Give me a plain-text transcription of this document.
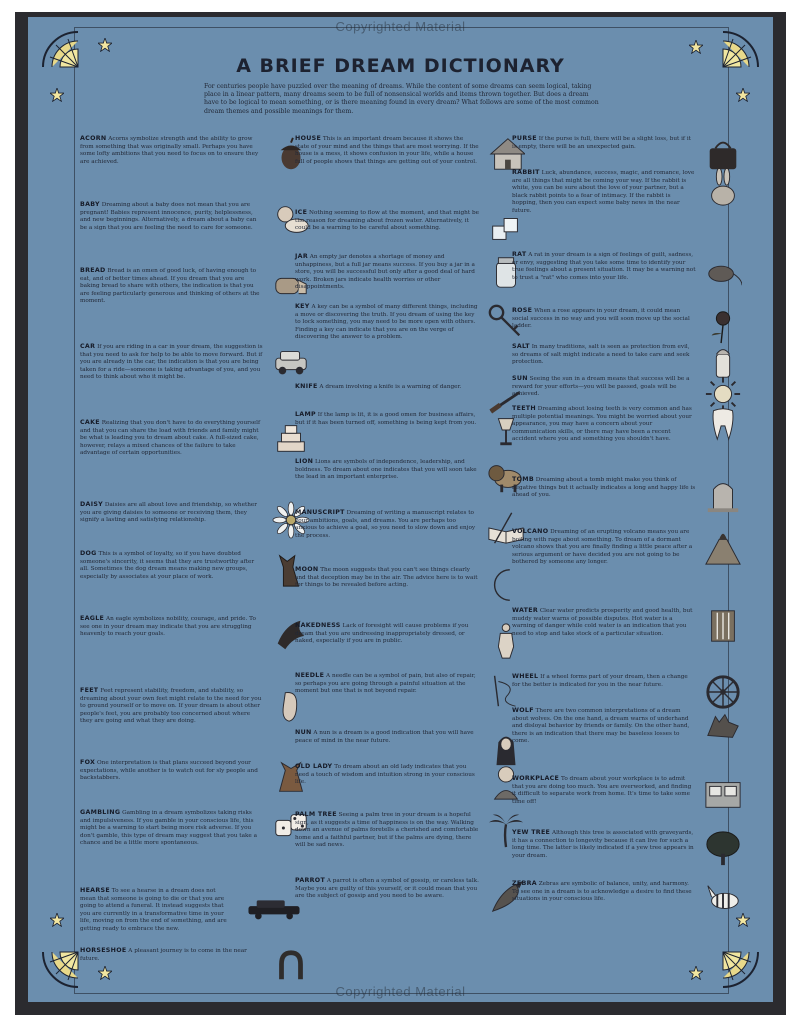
Copyrighted Material
Copyrighted Material
A BRIEF DREAM DICTIONARY
For centuries people have puzzled over the meaning of dreams. While the content of some dreams can seem logical, taking place in a linear pattern, many dreams seem to be full of nonsensical worlds and items thrown together. But does a dream have to be logical to mean something, or is there meaning found in every dream? What follows are some of the most common dream themes and possible meanings for them.
ACORN Acorns symbolize strength and the ability to grow from something that was originally small. Perhaps you have some lofty ambitions that you need to focus on to ensure they are achieved.
BABY Dreaming about a baby does not mean that you are pregnant! Babies represent innocence, purity, helplessness, and new beginnings. Alternatively, a dream about a baby can be a sign that you are feeling the need to care for someone.
BREAD Bread is an omen of good luck, of having enough to eat, and of better times ahead. If you dream that you are baking bread to share with others, the indication is that you are feeling particularly generous and thinking of others at the moment.
CAR If you are riding in a car in your dream, the suggestion is that you need to ask for help to be able to move forward. But if you are already in the car, the indication is that you are being taken for a ride—someone is taking advantage of you, and you need to think about who it might be.
CAKE Realizing that you don't have to do everything yourself and that you can share the load with friends and family might be what is leading you to dream about cake. A full-sized cake, however, relays a mixed chances of the failure to take advantage of certain opportunities.
DAISY Daisies are all about love and friendship, so whether you are giving daisies to someone or receiving them, they signify a lasting and satisfying relationship.
DOG This is a symbol of loyalty, so if you have doubted someone's sincerity, it seems that they are trustworthy after all. Sometimes the dog dream means making new groups, especially by associates at your place of work.
EAGLE An eagle symbolizes nobility, courage, and pride. To see one in your dream may indicate that you are struggling heavenly to reach your goals.
FEET Feet represent stability, freedom, and stability, so dreaming about your own feet might relate to the need for you to ground yourself or to move on. If your dream is about other people's feet, you are probably too concerned about where they are going and what they are doing.
FOX One interpretation is that plans succeed beyond your expectations, while another is to watch out for sly people and backstabbers.
GAMBLING Gambling in a dream symbolizes taking risks and impulsiveness. If you gamble in your conscious life, this might be a warning to start being more risk adverse. If you don't gamble, this type of dream may suggest that you take a chance and be a little more spontaneous.
HEARSE To see a hearse in a dream does not mean that someone is going to die or that you are going to attend a funeral. It instead suggests that you are currently in a transformative time in your life, moving on from the end of something, and are getting ready to embrace the new.
HORSESHOE A pleasant journey is to come in the near future.
HOUSE This is an important dream because it shows the state of your mind and the things that are most worrying. If the house is a mess, it shows confusion in your life, while a house full of people shows that things are getting out of your control.
ICE Nothing seeming to flow at the moment, and that might be the reason for dreaming about frozen water. Alternatively, it could be a warning to be careful about something.
JAR An empty jar denotes a shortage of money and unhappiness, but a full jar means success. If you buy a jar in a store, you will be successful but only after a good deal of hard work. Broken jars indicate health worries or other disappointments.
KEY A key can be a symbol of many different things, including a move or discovering the truth. If you dream of using the key to lock something, you may need to be more open with others. Finding a key can indicate that you are on the verge of discovering the answer to a problem.
KNIFE A dream involving a knife is a warning of danger.
LAMP If the lamp is lit, it is a good omen for business affairs, but if it has been turned off, something is being kept from you.
LION Lions are symbols of independence, leadership, and boldness. To dream about one indicates that you will soon take the lead in an important enterprise.
MANUSCRIPT Dreaming of writing a manuscript relates to your ambitions, goals, and dreams. You are perhaps too anxious to achieve a goal, so you need to slow down and enjoy the process.
MOON The moon suggests that you can't see things clearly and that deception may be in the air. The advice here is to wait for things to be revealed before acting.
NAKEDNESS Lack of foresight will cause problems if you dream that you are undressing inappropriately dressed, or naked, especially if you are in public.
NEEDLE A needle can be a symbol of pain, but also of repair, so perhaps you are going through a painful situation at the moment but one that is not beyond repair.
NUN A nun is a dream is a good indication that you will have peace of mind in the near future.
OLD LADY To dream about an old lady indicates that you need a touch of wisdom and intuition strong in your conscious life.
PALM TREE Seeing a palm tree in your dream is a hopeful sign, as it suggests a time of happiness is on the way. Walking down an avenue of palms foretells a cherished and comfortable home and a faithful partner, but if the palms are dying, there will be sad news.
PARROT A parrot is often a symbol of gossip, or careless talk. Maybe you are guilty of this yourself, or it could mean that you are the subject of gossip and you need to be aware.
PURSE If the purse is full, there will be a slight loss, but if it is empty, there will be an unexpected gain.
RABBIT Luck, abundance, success, magic, and romance, love are all things that might be coming your way. If the rabbit is white, you can be sure about the love of your partner, but a black rabbit points to a fear of intimacy. If the rabbit is hopping, then you can expect some baby news in the near future.
RAT A rat in your dream is a sign of feelings of guilt, sadness, or envy, suggesting that you take some time to identify your true feelings about a present situation. It may be a warning not to trust a "rat" who comes into your life.
ROSE When a rose appears in your dream, it could mean social success in no way and you will soon move up the social ladder.
SALT In many traditions, salt is seen as protection from evil, so dreams of salt might indicate a need to take care and seek protection.
SUN Seeing the sun in a dream means that success will be a reward for your efforts—you will be passed, goals will be achieved.
TEETH Dreaming about losing teeth is very common and has multiple potential meanings. You might be worried about your appearance, you may have a concern about your communication skills, or there may have been a recent accident where you and something you shouldn't have.
TOMB Dreaming about a tomb might make you think of negative things but it actually indicates a long and happy life is ahead of you.
VOLCANO Dreaming of an erupting volcano means you are boiling with rage about something. To dream of a dormant volcano shows that you are finally finding a little peace after a serious argument or have decided you are not going to be bothered by someone any longer.
WATER Clear water predicts prosperity and good health, but muddy water warns of possible disputes. Hot water is a warning of danger while cold water is an indication that you need to stop and take stock of a particular situation.
WHEEL If a wheel forms part of your dream, then a change for the better is indicated for you in the near future.
WOLF There are two common interpretations of a dream about wolves. On the one hand, a dream warns of underhand and disloyal behavior by friends or family. On the other hand, there is an indication that there may be baseless losses to come.
WORKPLACE To dream about your workplace is to admit that you are doing too much. You are overworked, and finding it difficult to separate work from home. It's time to take some time off!
YEW TREE Although this tree is associated with graveyards, it has a connection to longevity because it can live for such a long time. The latter is likely indicated if a yew tree appears in your dream.
ZEBRA Zebras are symbolic of balance, unity, and harmony. To see one in a dream is to acknowledge a desire to find these situations in your conscious life.
